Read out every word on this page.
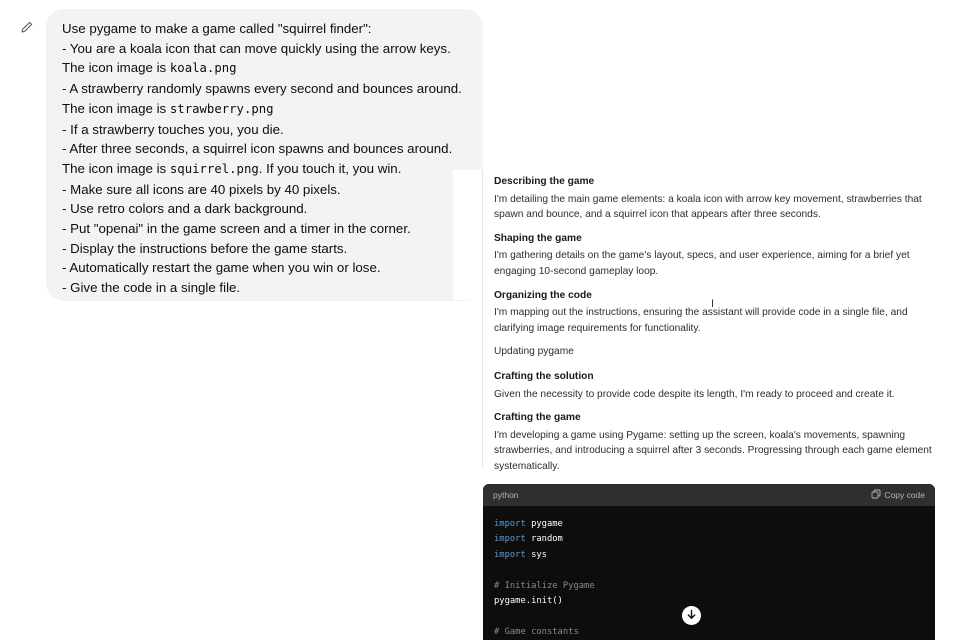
Use pygame to make a game called "squirrel finder":
- You are a koala icon that can move quickly using the arrow keys.
The icon image is koala.png
- A strawberry randomly spawns every second and bounces around.
The icon image is strawberry.png
- If a strawberry touches you, you die.
- After three seconds, a squirrel icon spawns and bounces around.
The icon image is squirrel.png. If you touch it, you win.
- Make sure all icons are 40 pixels by 40 pixels.
- Use retro colors and a dark background.
- Put "openai" in the game screen and a timer in the corner.
- Display the instructions before the game starts.
- Automatically restart the game when you win or lose.
- Give the code in a single file.
Describing the game
I'm detailing the main game elements: a koala icon with arrow key movement, strawberries that spawn and bounce, and a squirrel icon that appears after three seconds.
Shaping the game
I'm gathering details on the game's layout, specs, and user experience, aiming for a brief yet engaging 10-second gameplay loop.
Organizing the code
I'm mapping out the instructions, ensuring the assistant will provide code in a single file, and clarifying image requirements for functionality.
Updating pygame
Crafting the solution
Given the necessity to provide code despite its length, I'm ready to proceed and create it.
Crafting the game
I'm developing a game using Pygame: setting up the screen, koala's movements, spawning strawberries, and introducing a squirrel after 3 seconds. Progressing through each game element systematically.
I
python	Copy code
import pygame
import random
import sys
# Initialize Pygame
pygame.init()
# Game constants
